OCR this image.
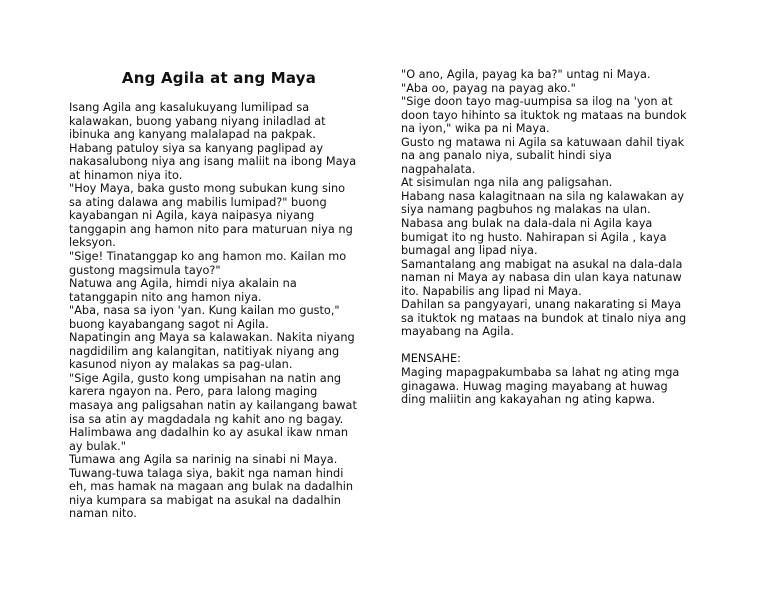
Ang Agila at ang Maya
Isang Agila ang kasalukuyang lumilipad sa
kalawakan, buong yabang niyang iniladlad at
ibinuka ang kanyang malalapad na pakpak.
Habang patuloy siya sa kanyang paglipad ay
nakasalubong niya ang isang maliit na ibong Maya
at hinamon niya ito.
"Hoy Maya, baka gusto mong subukan kung sino
sa ating dalawa ang mabilis lumipad?" buong
kayabangan ni Agila, kaya naipasya niyang
tanggapin ang hamon nito para maturuan niya ng
leksyon.
"Sige! Tinatanggap ko ang hamon mo. Kailan mo
gustong magsimula tayo?"
Natuwa ang Agila, himdi niya akalain na
tatanggapin nito ang hamon niya.
"Aba, nasa sa iyon 'yan. Kung kailan mo gusto,"
buong kayabangang sagot ni Agila.
Napatingin ang Maya sa kalawakan. Nakita niyang
nagdidilim ang kalangitan, natitiyak niyang ang
kasunod niyon ay malakas sa pag-ulan.
"Sige Agila, gusto kong umpisahan na natin ang
karera ngayon na. Pero, para lalong maging
masaya ang paligsahan natin ay kailangang bawat
isa sa atin ay magdadala ng kahit ano ng bagay.
Halimbawa ang dadalhin ko ay asukal ikaw nman
ay bulak."
Tumawa ang Agila sa narinig na sinabi ni Maya.
Tuwang-tuwa talaga siya, bakit nga naman hindi
eh, mas hamak na magaan ang bulak na dadalhin
niya kumpara sa mabigat na asukal na dadalhin
naman nito.
"O ano, Agila, payag ka ba?" untag ni Maya.
"Aba oo, payag na payag ako."
"Sige doon tayo mag-uumpisa sa ilog na 'yon at
doon tayo hihinto sa ituktok ng mataas na bundok
na iyon," wika pa ni Maya.
Gusto ng matawa ni Agila sa katuwaan dahil tiyak
na ang panalo niya, subalit hindi siya
nagpahalata.
At sisimulan nga nila ang paligsahan.
Habang nasa kalagitnaan na sila ng kalawakan ay
siya namang pagbuhos ng malakas na ulan.
Nabasa ang bulak na dala-dala ni Agila kaya
bumigat ito ng husto. Nahirapan si Agila , kaya
bumagal ang lipad niya.
Samantalang ang mabigat na asukal na dala-dala
naman ni Maya ay nabasa din ulan kaya natunaw
ito. Napabilis ang lipad ni Maya.
Dahilan sa pangyayari, unang nakarating si Maya
sa ituktok ng mataas na bundok at tinalo niya ang
mayabang na Agila.
MENSAHE:
Maging mapagpakumbaba sa lahat ng ating mga
ginagawa. Huwag maging mayabang at huwag
ding maliitin ang kakayahan ng ating kapwa.
